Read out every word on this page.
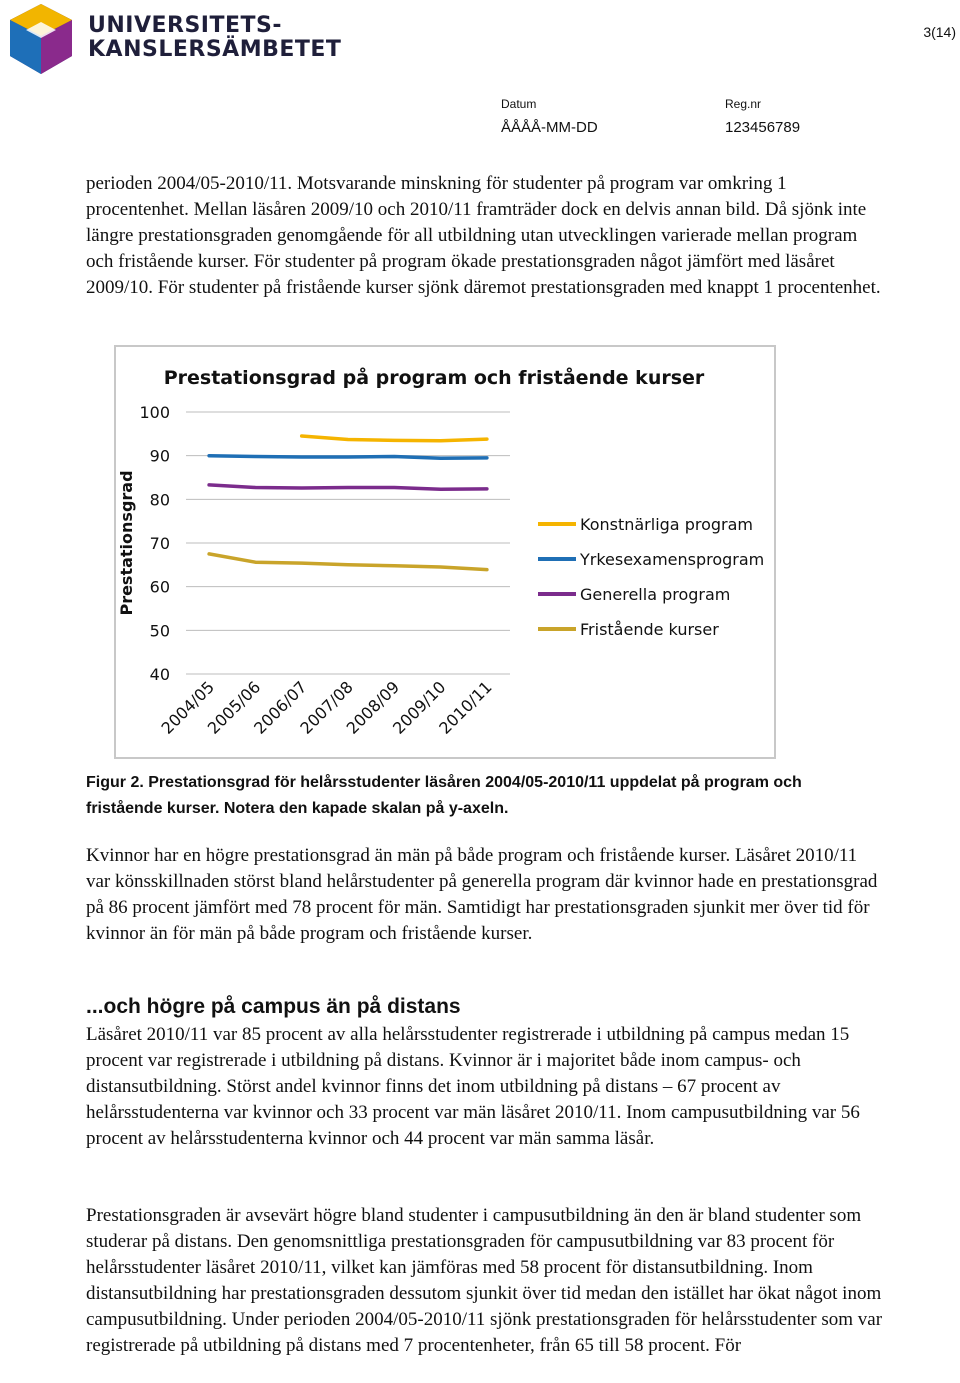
UNIVERSITETS-
KANSLERSÄMBETET
3(14)
Datum
ÅÅÅÅ-MM-DD
Reg.nr
123456789

perioden 2004/05-2010/11. Motsvarande minskning för studenter på program var omkring 1 procentenhet. Mellan läsåren 2009/10 och 2010/11 framträder dock en delvis annan bild. Då sjönk inte längre prestationsgraden genomgående för all utbildning utan utvecklingen varierade mellan program och fristående kurser. För studenter på program ökade prestationsgraden något jämfört med läsåret 2009/10. För studenter på fristående kurser sjönk däremot prestationsgraden med knappt 1 procentenhet.

Prestationsgrad på program och fristående kurser
Prestationsgrad
100
90
80
70
60
50
40
2004/05
2005/06
2006/07
2007/08
2008/09
2009/10
2010/11
Konstnärliga program
Yrkesexamensprogram
Generella program
Fristående kurser
Figur 2. Prestationsgrad för helårsstudenter läsåren 2004/05-2010/11 uppdelat på program och fristående kurser. Notera den kapade skalan på y-axeln.

Kvinnor har en högre prestationsgrad än män på både program och fristående kurser. Läsåret 2010/11 var könsskillnaden störst bland helårstudenter på generella program där kvinnor hade en prestationsgrad på 86 procent jämfört med 78 procent för män. Samtidigt har prestationsgraden sjunkit mer över tid för kvinnor än för män på både program och fristående kurser.

...och högre på campus än på distans

Läsåret 2010/11 var 85 procent av alla helårsstudenter registrerade i utbildning på campus medan 15 procent var registrerade i utbildning på distans. Kvinnor är i majoritet både inom campus- och distansutbildning. Störst andel kvinnor finns det inom utbildning på distans – 67 procent av helårsstudenterna var kvinnor och 33 procent var män läsåret 2010/11. Inom campusutbildning var 56 procent av helårsstudenterna kvinnor och 44 procent var män samma läsår.

Prestationsgraden är avsevärt högre bland studenter i campusutbildning än den är bland studenter som studerar på distans. Den genomsnittliga prestationsgraden för campusutbildning var 83 procent för helårsstudenter läsåret 2010/11, vilket kan jämföras med 58 procent för distansutbildning. Inom distansutbildning har prestationsgraden dessutom sjunkit över tid medan den istället har ökat något inom campusutbildning. Under perioden 2004/05-2010/11 sjönk prestationsgraden för helårsstudenter som var registrerade på utbildning på distans med 7 procentenheter, från 65 till 58 procent. För
